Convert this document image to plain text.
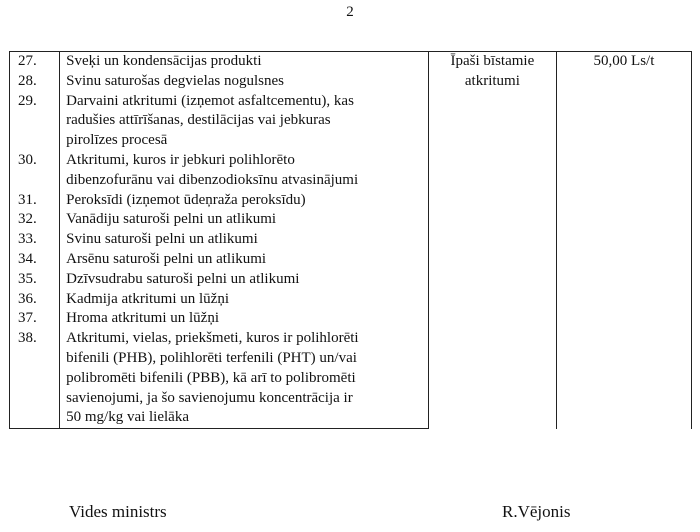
2
27.	Sveķi un kondensācijas produkti	Īpaši bīstamie atkritumi	50,00 Ls/t
28.	Svinu saturošas degvielas nogulsnes		

29.	Darvaini atkritumi (izņemot asfaltcementu), kas
radušies attīrīšanas, destilācijas vai jebkuras
pirolīzes procesā		

30.	Atkritumi, kuros ir jebkuri polihlorēto
dibenzofurānu vai dibenzodioksīnu atvasinājumi		

31.	Peroksīdi (izņemot ūdeņraža peroksīdu)		

32.	Vanādiju saturoši pelni un atlikumi		

33.	Svinu saturoši pelni un atlikumi		

34.	Arsēnu saturoši pelni un atlikumi		

35.	Dzīvsudrabu saturoši pelni un atlikumi		

36.	Kadmija atkritumi un lūžņi		

37.	Hroma atkritumi un lūžņi		

38.	Atkritumi, vielas, priekšmeti, kuros ir polihlorēti
bifenili (PHB), polihlorēti terfenili (PHT) un/vai
polibromēti bifenili (PBB), kā arī to polibromēti
savienojumi, ja šo savienojumu koncentrācija ir
50 mg/kg vai lielāka		
Vides ministrs	R.Vējonis
